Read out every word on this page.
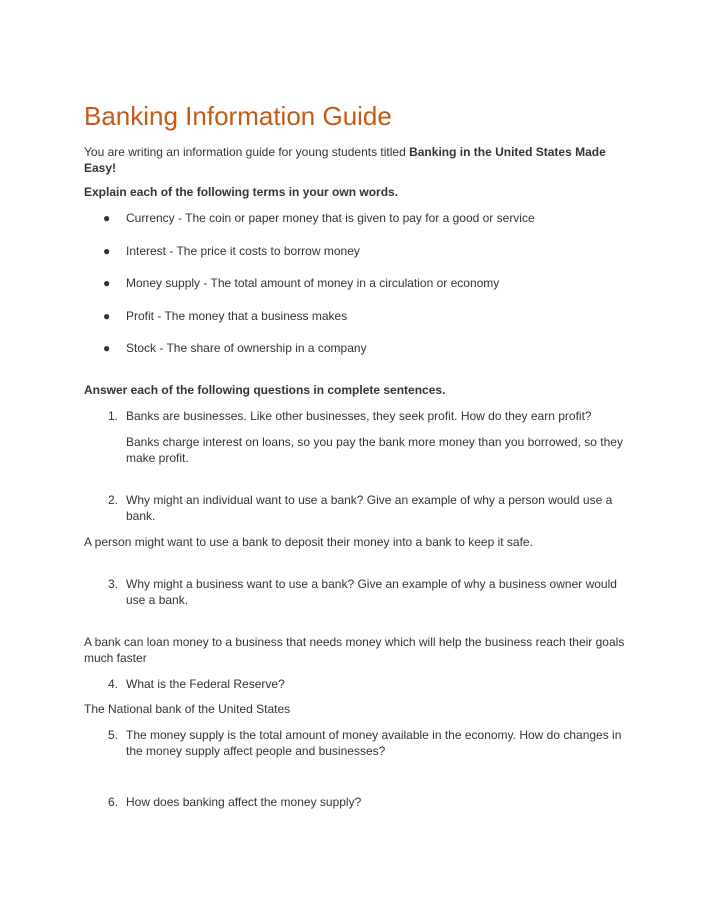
Banking Information Guide

You are writing an information guide for young students titled Banking in the United States Made Easy!

Explain each of the following terms in your own words.

● Currency - The coin or paper money that is given to pay for a good or service
● Interest - The price it costs to borrow money
● Money supply - The total amount of money in a circulation or economy
● Profit - The money that a business makes
● Stock - The share of ownership in a company

Answer each of the following questions in complete sentences.

1. Banks are businesses. Like other businesses, they seek profit. How do they earn profit?

Banks charge interest on loans, so you pay the bank more money than you borrowed, so they make profit.

2. Why might an individual want to use a bank? Give an example of why a person would use a bank.

A person might want to use a bank to deposit their money into a bank to keep it safe.

3. Why might a business want to use a bank? Give an example of why a business owner would use a bank.

A bank can loan money to a business that needs money which will help the business reach their goals much faster

4. What is the Federal Reserve?

The National bank of the United States

5. The money supply is the total amount of money available in the economy. How do changes in the money supply affect people and businesses?
6. How does banking affect the money supply?
